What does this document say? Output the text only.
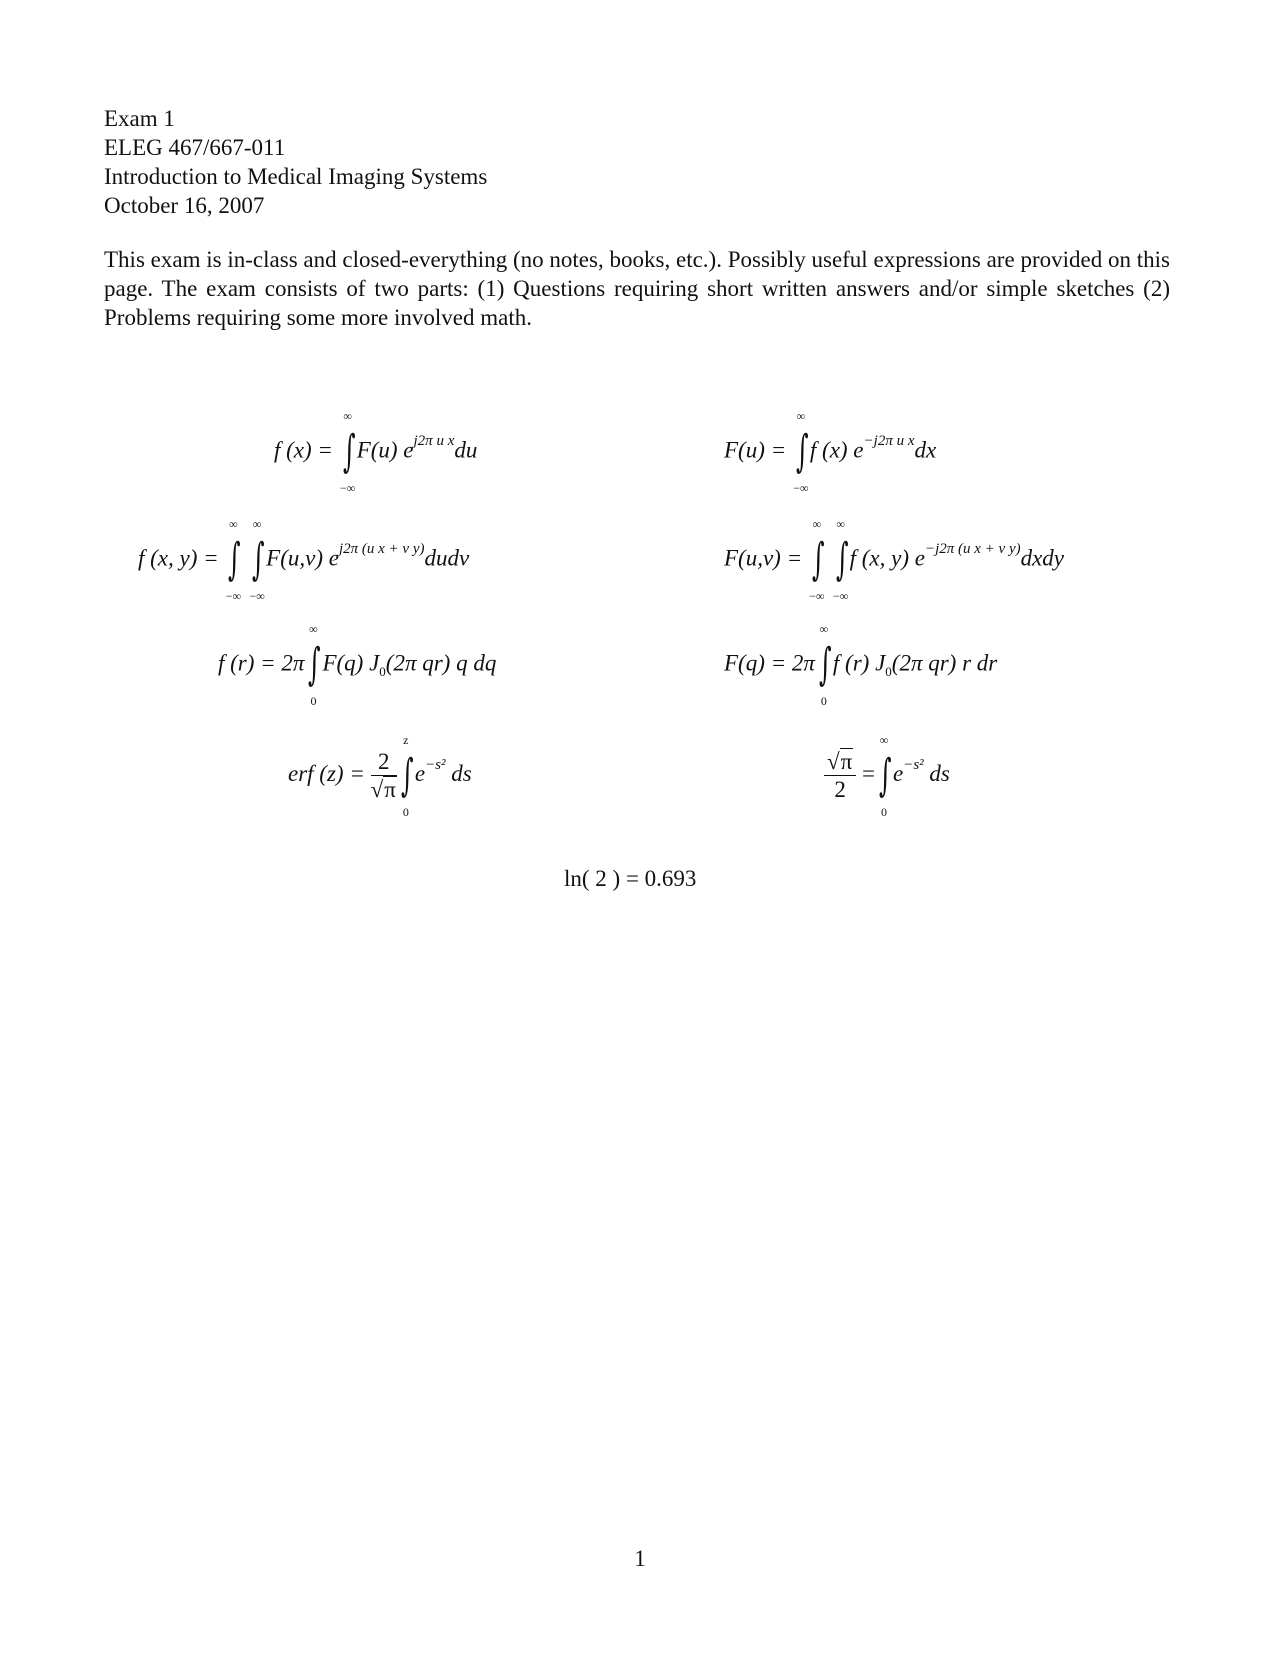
Exam 1
ELEG 467/667-011
Introduction to Medical Imaging Systems
October 16, 2007

This exam is in-class and closed-everything (no notes, books, etc.). Possibly useful expressions are provided on this page. The exam consists of two parts: (1) Questions requiring short written answers and/or simple sketches (2) Problems requiring some more involved math.

f (x) =
∞
∫
−∞
F(u) $e^{j2\pi u x}du$	F(u) =
∞
∫
−∞
f (x) $e^{-j2\pi u x}dx$
f (x, y) =
∞
∫
−∞

∞
∫
−∞
F(u,v) $e^{j2\pi (u x + v y)}dudv$	F(u,v) =
∞
∫
−∞

∞
∫
−∞
f (x, y) $e^{-j2\pi (u x + v y)}dxdy$
f (r) = 2π
∞
∫
0
F(q) $J_0(2\pi$ qr) q dq	F(q) = 2π
∞
∫
0
f (r) $J_0(2\pi$ qr) r dr
erf $(z) = \frac{2}{√\pi}$
z
∫
0
$e^{-s^2}$ ds	$\frac{√\pi}{2}$ =
∞
∫
0
$e^{-s^2}$ ds
ln( 2 ) = 0.693
1
